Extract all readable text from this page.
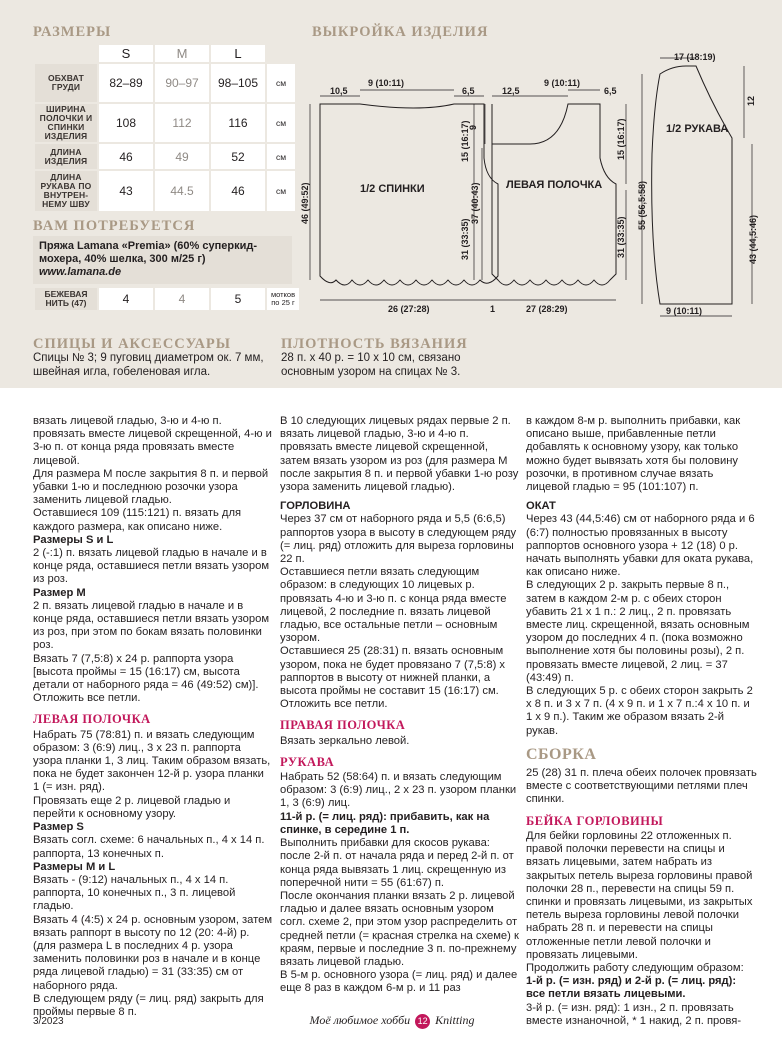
РАЗМЕРЫ	ВЫКРОЙКА ИЗДЕЛИЯ
	S	M	L	
ОБХВАТ ГРУДИ	82–89	90–97	98–105	см
ШИРИНА ПОЛОЧКИ И СПИНКИ ИЗДЕЛИЯ	108	112	116	см
ДЛИНА ИЗДЕЛИЯ	46	49	52	см
ДЛИНА РУКАВА ПО ВНУТРЕН-НЕМУ ШВУ	43	44.5	46	см
ВАМ ПОТРЕБУЕТСЯ
Пряжа Lamana «Premia» (60% суперкид-мохера, 40% шелка, 300 м/25 г)
www.lamana.de
БЕЖЕВАЯ НИТЬ (47)	4	4	5	мотков по 25 г
СПИЦЫ И АКСЕССУАРЫ
Спицы № 3; 9 пуговиц диаметром ок. 7 мм, швейная игла, гобеленовая игла.
ПЛОТНОСТЬ ВЯЗАНИЯ
28 п. х 40 р. = 10 х 10 см, связано основным узором на спицах № 3.
1/2 СПИНКИ	ЛЕВАЯ ПОЛОЧКА
1/2 РУКАВА
9 (10:11)
10,5	6,5
15 (16:17)
46 (49:52)
31 (33:35)
26 (27:28)
9 (10:11)
12,5	6,5
9	15 (16:17)
37 (40:43)
31 (33:35)
27 (28:29)
1
17 (18:19)
12
55 (56,5:58)
43 (44,5:46)
9 (10:11)

вязать лицевой гладью, 3-ю и 4-ю п. провязать вместе лицевой скрещенной, 4-ю и 3-ю п. от конца ряда провязать вместе лицевой.

Для размера M после закрытия 8 п. и первой убавки 1-ю и последнюю розочки узора заменить лицевой гладью.

Оставшиеся 109 (115:121) п. вязать для каждого размера, как описано ниже.

Размеры S и L

2 (-:1) п. вязать лицевой гладью в начале и в конце ряда, оставшиеся петли вязать узором из роз.

Размер M

2 п. вязать лицевой гладью в начале и в конце ряда, оставшиеся петли вязать узором из роз, при этом по бокам вязать половинки роз.

Вязать 7 (7,5:8) x 24 р. раппорта узора [высота проймы = 15 (16:17) см, высота детали от наборного ряда = 46 (49:52) см)]. Отложить все петли.

ЛЕВАЯ ПОЛОЧКА

Набрать 75 (78:81) п. и вязать следующим образом: 3 (6:9) лиц., 3 х 23 п. раппорта узора планки 1, 3 лиц. Таким образом вязать, пока не будет закончен 12-й р. узора планки 1 (= изн. ряд).

Провязать еще 2 р. лицевой гладью и перейти к основному узору.

Размер S

Вязать согл. схеме: 6 начальных п., 4 х 14 п. раппорта, 13 конечных п.

Размеры M и L

Вязать - (9:12) начальных п., 4 х 14 п. раппорта, 10 конечных п., 3 п. лицевой гладью.

Вязать 4 (4:5) х 24 р. основным узором, затем вязать раппорт в высоту по 12 (20: 4-й) р. (для размера L в последних 4 р. узора заменить половинки роз в начале и в конце ряда лицевой гладью) = 31 (33:35) см от наборного ряда.

В следующем ряду (= лиц. ряд) закрыть для проймы первые 8 п.

В 10 следующих лицевых рядах первые 2 п. вязать лицевой гладью, 3-ю и 4-ю п. провязать вместе лицевой скрещенной, затем вязать узором из роз (для размера M после закрытия 8 п. и первой убавки 1-ю розу узора заменить лицевой гладью).

ГОРЛОВИНА

Через 37 см от наборного ряда и 5,5 (6:6,5) раппортов узора в высоту в следующем ряду (= лиц. ряд) отложить для выреза горловины 22 п.

Оставшиеся петли вязать следующим образом: в следующих 10 лицевых р. провязать 4-ю и 3-ю п. с конца ряда вместе лицевой, 2 последние п. вязать лицевой гладью, все остальные петли – основным узором.

Оставшиеся 25 (28:31) п. вязать основным узором, пока не будет провязано 7 (7,5:8) x раппортов в высоту от нижней планки, а высота проймы не составит 15 (16:17) см. Отложить все петли.

ПРАВАЯ ПОЛОЧКА

Вязать зеркально левой.

РУКАВА

Набрать 52 (58:64) п. и вязать следующим образом: 3 (6:9) лиц., 2 х 23 п. узором планки 1, 3 (6:9) лиц.

11-й р. (= лиц. ряд): прибавить, как на спинке, в середине 1 п.

Выполнить прибавки для скосов рукава: после 2-й п. от начала ряда и перед 2-й п. от конца ряда вывязать 1 лиц. скрещенную из поперечной нити = 55 (61:67) п.

После окончания планки вязать 2 р. лицевой гладью и далее вязать основным узором согл. схеме 2, при этом узор распределить от средней петли (= красная стрелка на схеме) к краям, первые и последние 3 п. по-прежнему вязать лицевой гладью.

В 5-м р. основного узора (= лиц. ряд) и далее еще 8 раз в каждом 6-м р. и 11 раз

в каждом 8-м р. выполнить прибавки, как описано выше, прибавленные петли добавлять к основному узору, как только можно будет вывязать хотя бы половину розочки, в противном случае вязать лицевой гладью = 95 (101:107) п.

ОКАТ

Через 43 (44,5:46) см от наборного ряда и 6 (6:7) полностью провязанных в высоту раппортов основного узора + 12 (18) 0 р. начать выполнять убавки для оката рукава, как описано ниже.

В следующих 2 р. закрыть первые 8 п., затем в каждом 2-м р. с обеих сторон убавить 21 x 1 п.: 2 лиц., 2 п. провязать вместе лиц. скрещенной, вязать основным узором до последних 4 п. (пока возможно выполнение хотя бы половины розы), 2 п. провязать вместе лицевой, 2 лиц. = 37 (43:49) п.

В следующих 5 р. с обеих сторон закрыть 2 x 8 п. и 3 x 7 п. (4 x 9 п. и 1 x 7 п.:4 x 10 п. и 1 x 9 п.). Таким же образом вязать 2-й рукав.

СБОРКА

25 (28) 31 п. плеча обеих полочек провязать вместе с соответствующими петлями плеч спинки.

БЕЙКА ГОРЛОВИНЫ

Для бейки горловины 22 отложенных п. правой полочки перевести на спицы и вязать лицевыми, затем набрать из закрытых петель выреза горловины правой полочки 28 п., перевести на спицы 59 п. спинки и провязать лицевыми, из закрытых петель выреза горловины левой полочки набрать 28 п. и перевести на спицы отложенные петли левой полочки и провязать лицевыми.

Продолжить работу следующим образом:

1-й р. (= изн. ряд) и 2-й р. (= лиц. ряд): все петли вязать лицевыми.

3-й р. (= изн. ряд): 1 изн., 2 п. провязать вместе изнаночной, * 1 накид, 2 п. провя-

3/2023	Моё любимое хобби 12 Knitting
